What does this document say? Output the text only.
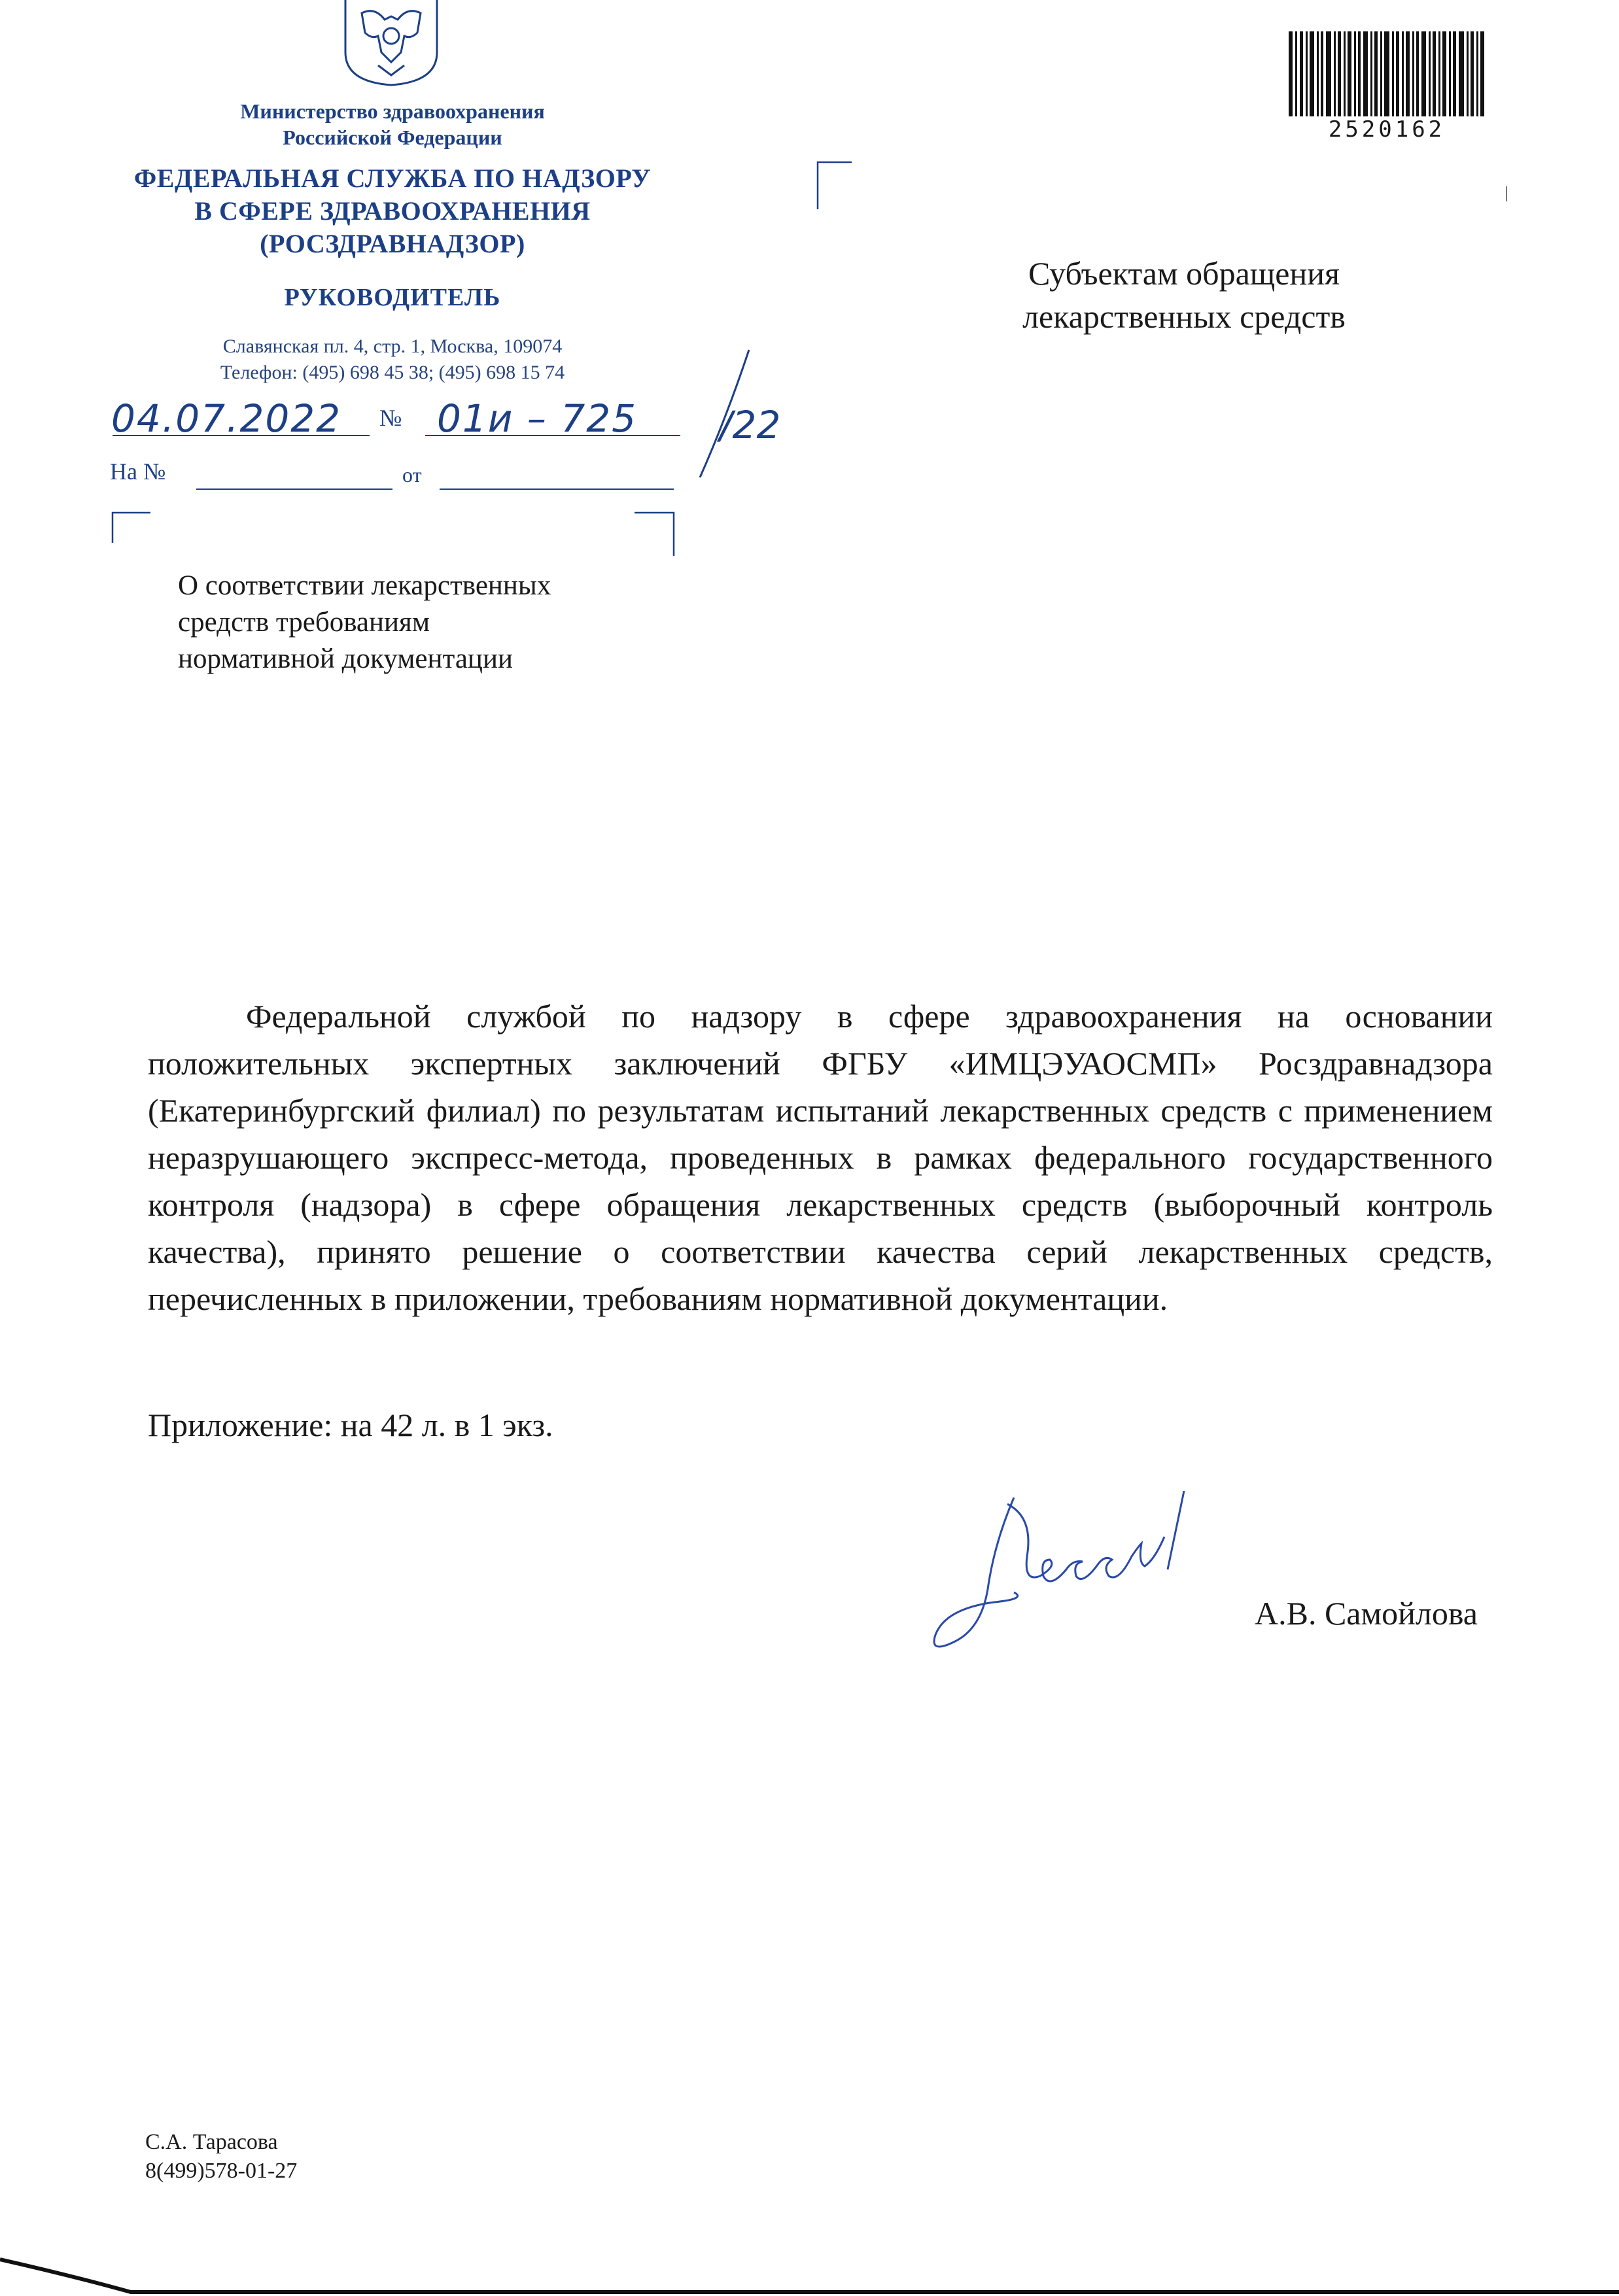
Министерство здравоохранения
Российской Федерации
ФЕДЕРАЛЬНАЯ СЛУЖБА ПО НАДЗОРУ
В СФЕРЕ ЗДРАВООХРАНЕНИЯ
(РОСЗДРАВНАДЗОР)
РУКОВОДИТЕЛЬ
Славянская пл. 4, стр. 1, Москва, 109074
Телефон: (495) 698 45 38; (495) 698 15 74
04.07.2022 № 01и – 725 /22
На №	от
2520162
Субъектам обращения
лекарственных средств
О соответствии лекарственных
средств требованиям
нормативной документации

Федеральной службой по надзору в сфере здравоохранения на основании положительных экспертных заключений ФГБУ «ИМЦЭУАОСМП» Росздравнадзора (Екатеринбургский филиал) по результатам испытаний лекарственных средств с применением неразрушающего экспресс-метода, проведенных в рамках федерального государственного контроля (надзора) в сфере обращения лекарственных средств (выборочный контроль качества), принято решение о соответствии качества серий лекарственных средств, перечисленных в приложении, требованиям нормативной документации.

Приложение: на 42 л. в 1 экз.
А.В. Самойлова
С.А. Тарасова
8(499)578-01-27
